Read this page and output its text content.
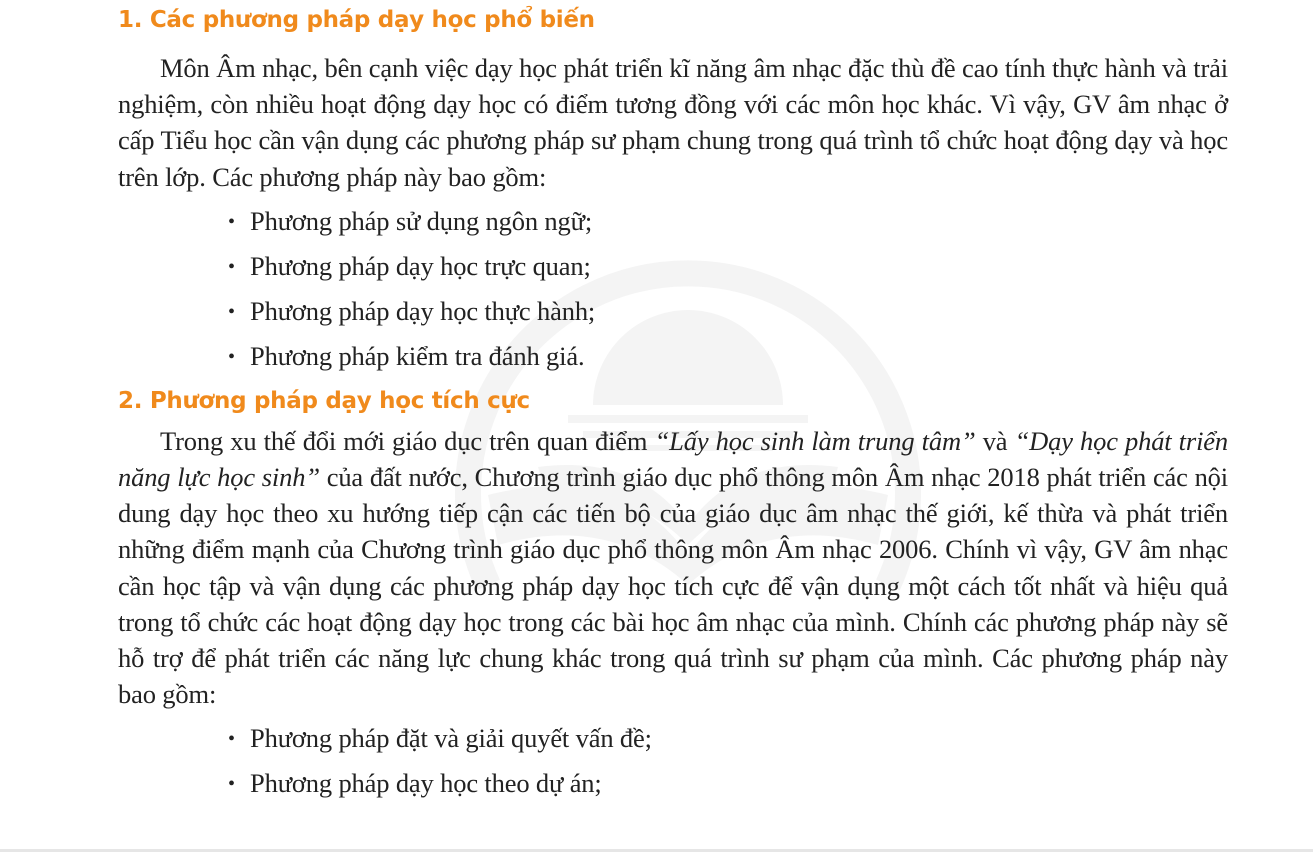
1. Các phương pháp dạy học phổ biến

Môn Âm nhạc, bên cạnh việc dạy học phát triển kĩ năng âm nhạc đặc thù đề cao tính thực hành và trải nghiệm, còn nhiều hoạt động dạy học có điểm tương đồng với các môn học khác. Vì vậy, GV âm nhạc ở cấp Tiểu học cần vận dụng các phương pháp sư phạm chung trong quá trình tổ chức hoạt động dạy và học trên lớp. Các phương pháp này bao gồm:

• Phương pháp sử dụng ngôn ngữ;
• Phương pháp dạy học trực quan;
• Phương pháp dạy học thực hành;
• Phương pháp kiểm tra đánh giá.
2. Phương pháp dạy học tích cực

Trong xu thế đổi mới giáo dục trên quan điểm “Lấy học sinh làm trung tâm” và “Dạy học phát triển năng lực học sinh” của đất nước, Chương trình giáo dục phổ thông môn Âm nhạc 2018 phát triển các nội dung dạy học theo xu hướng tiếp cận các tiến bộ của giáo dục âm nhạc thế giới, kế thừa và phát triển những điểm mạnh của Chương trình giáo dục phổ thông môn Âm nhạc 2006. Chính vì vậy, GV âm nhạc cần học tập và vận dụng các phương pháp dạy học tích cực để vận dụng một cách tốt nhất và hiệu quả trong tổ chức các hoạt động dạy học trong các bài học âm nhạc của mình. Chính các phương pháp này sẽ hỗ trợ để phát triển các năng lực chung khác trong quá trình sư phạm của mình. Các phương pháp này bao gồm:

• Phương pháp đặt và giải quyết vấn đề;
• Phương pháp dạy học theo dự án;
